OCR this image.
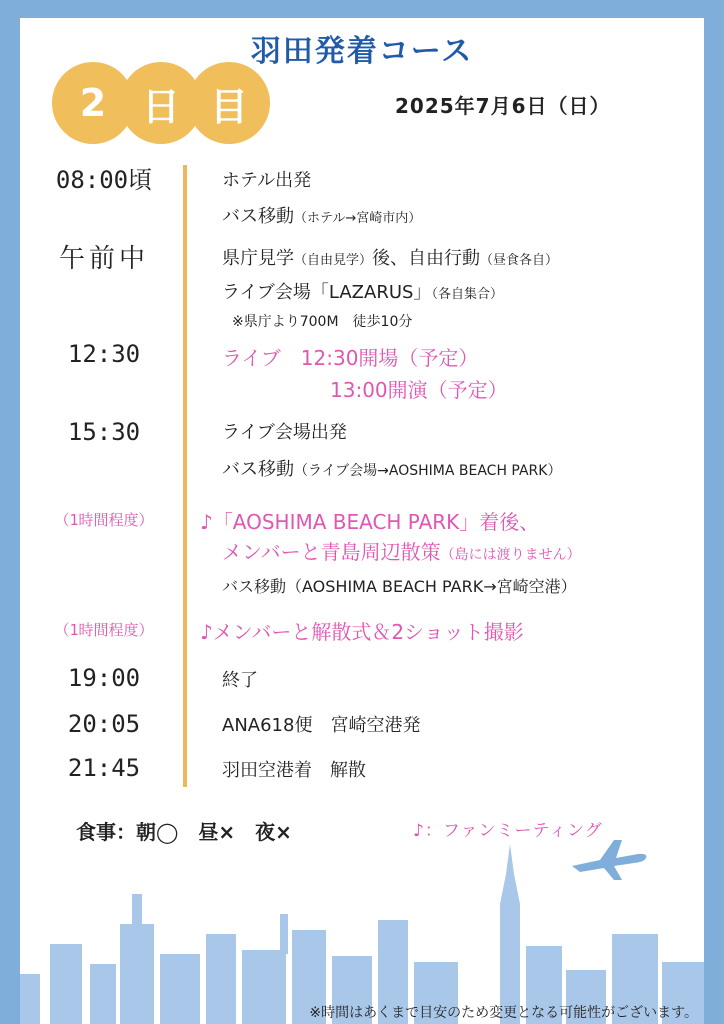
羽田発着コース
2 日 目	2025年7月6日（日）
08:00頃
午前中
12:30
15:30
（1時間程度）
（1時間程度）
19:00
20:05
21:45
ホテル出発
バス移動（ホテル→宮崎市内）
県庁見学（自由見学）後、自由行動（昼食各自）
ライブ会場「LAZARUS」（各自集合）
※県庁より700M　徒歩10分
ライブ　12:30開場（予定）
13:00開演（予定）
ライブ会場出発
バス移動（ライブ会場→AOSHIMA BEACH PARK）
♪「AOSHIMA BEACH PARK」着後、
メンバーと青島周辺散策（島には渡りません）
バス移動（AOSHIMA BEACH PARK→宮崎空港）
♪メンバーと解散式＆2ショット撮影
終了
ANA618便　宮崎空港発
羽田空港着　解散
食事：朝◯　昼×　夜×	♪：ファンミーティング
※時間はあくまで目安のため変更となる可能性がございます。
